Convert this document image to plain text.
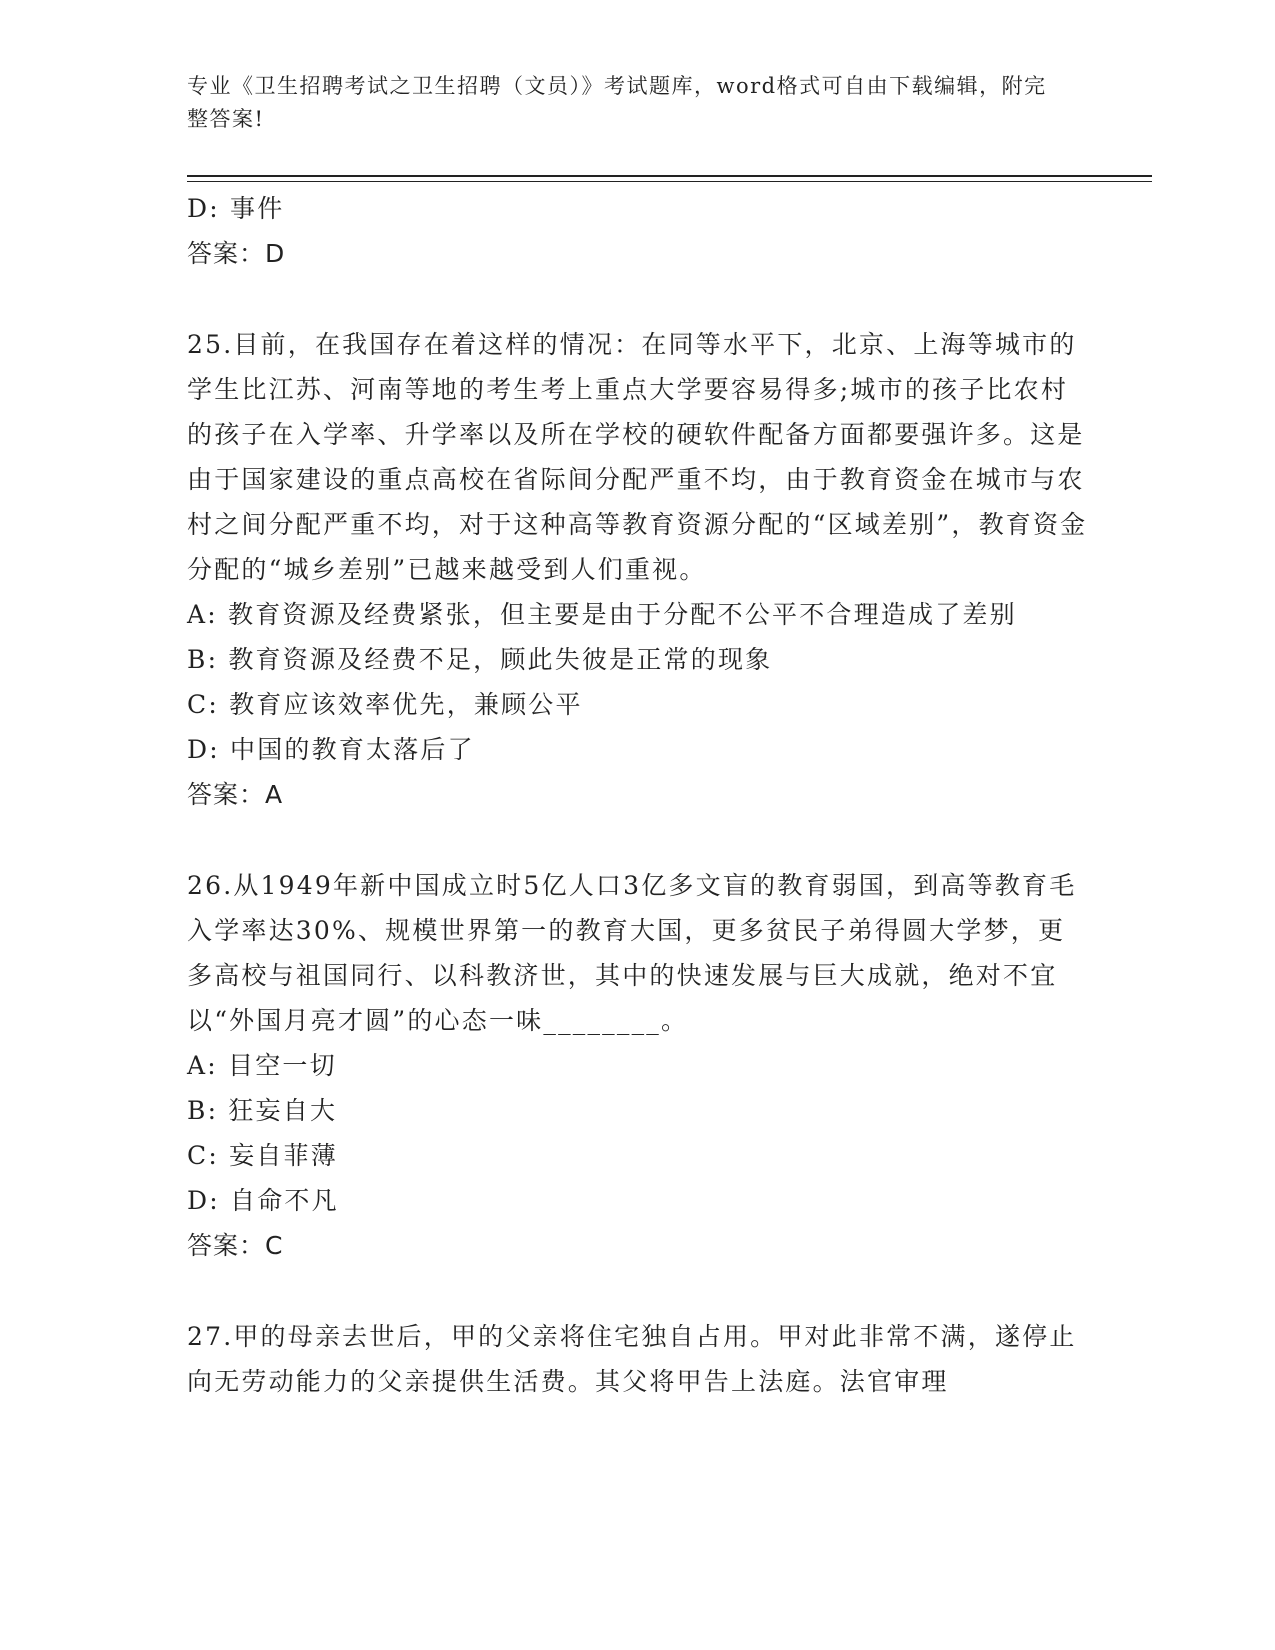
专业《卫生招聘考试之卫生招聘（文员）》考试题库，word格式可自由下载编辑，附完整答案!

D: 事件

答案：D

25.目前，在我国存在着这样的情况：在同等水平下，北京、上海等城市的学生比江苏、河南等地的考生考上重点大学要容易得多;城市的孩子比农村的孩子在入学率、升学率以及所在学校的硬软件配备方面都要强许多。这是由于国家建设的重点高校在省际间分配严重不均，由于教育资金在城市与农村之间分配严重不均，对于这种高等教育资源分配的“区域差别”，教育资金分配的“城乡差别”已越来越受到人们重视。

A: 教育资源及经费紧张，但主要是由于分配不公平不合理造成了差别

B: 教育资源及经费不足，顾此失彼是正常的现象

C: 教育应该效率优先，兼顾公平

D: 中国的教育太落后了

答案：A

26.从1949年新中国成立时5亿人口3亿多文盲的教育弱国，到高等教育毛入学率达30%、规模世界第一的教育大国，更多贫民子弟得圆大学梦，更多高校与祖国同行、以科教济世，其中的快速发展与巨大成就，绝对不宜以“外国月亮才圆”的心态一味________。

A: 目空一切

B: 狂妄自大

C: 妄自菲薄

D: 自命不凡

答案：C

27.甲的母亲去世后，甲的父亲将住宅独自占用。甲对此非常不满，遂停止向无劳动能力的父亲提供生活费。其父将甲告上法庭。法官审理
